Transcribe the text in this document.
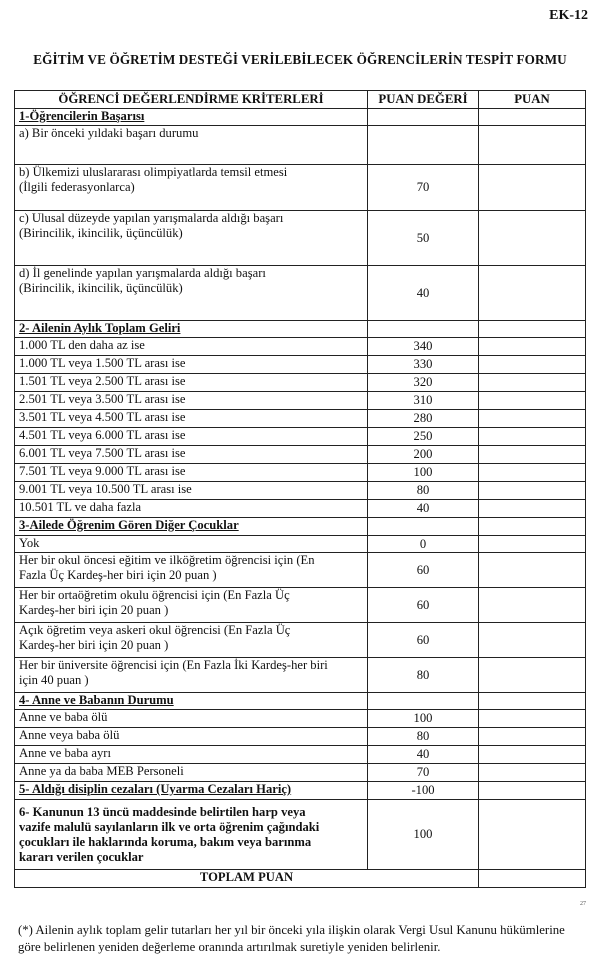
EK-12
EĞİTİM VE ÖĞRETİM DESTEĞİ VERİLEBİLECEK ÖĞRENCİLERİN TESPİT FORMU
ÖĞRENCİ DEĞERLENDİRME KRİTERLERİ	PUAN DEĞERİ	PUAN
1-Öğrencilerin Başarısı		
a) Bir önceki yıldaki başarı durumu		
b) Ülkemizi uluslararası olimpiyatlarda temsil etmesi
(İlgili federasyonlarca)	70	
c) Ulusal düzeyde yapılan yarışmalarda aldığı başarı
(Birincilik, ikincilik, üçüncülük)	50	
d) İl genelinde yapılan yarışmalarda aldığı başarı
(Birincilik, ikincilik, üçüncülük)	40	
2- Ailenin Aylık Toplam Geliri		
1.000 TL den daha az ise	340	
1.000 TL veya 1.500 TL arası ise	330	
1.501 TL veya 2.500 TL arası ise	320	
2.501 TL veya 3.500 TL arası ise	310	
3.501 TL veya 4.500 TL arası ise	280	
4.501 TL veya 6.000 TL arası ise	250	
6.001 TL veya 7.500 TL arası ise	200	
7.501 TL veya 9.000 TL arası ise	100	
9.001 TL veya 10.500 TL arası ise	80	
10.501 TL ve daha fazla	40	
3-Ailede Öğrenim Gören Diğer Çocuklar		
Yok	0	
Her bir okul öncesi eğitim ve ilköğretim öğrencisi için (En
Fazla Üç Kardeş-her biri için 20 puan )	60	
Her bir ortaöğretim okulu öğrencisi için (En Fazla Üç
Kardeş-her biri için 20 puan )	60	
Açık öğretim veya askeri okul öğrencisi (En Fazla Üç
Kardeş-her biri için 20 puan )	60	
Her bir üniversite öğrencisi için (En Fazla İki Kardeş-her biri
için 40 puan )	80	
4- Anne ve Babanın Durumu		
Anne ve baba ölü	100	
Anne veya baba ölü	80	
Anne ve baba ayrı	40	
Anne ya da baba MEB Personeli	70	
5- Aldığı disiplin cezaları (Uyarma Cezaları Hariç)	-100	
6- Kanunun 13 üncü maddesinde belirtilen harp veya
vazife malulü sayılanların ilk ve orta öğrenim çağındaki
çocukları ile haklarında koruma, bakım veya barınma
kararı verilen çocuklar	100	
TOPLAM PUAN		
27
(*) Ailenin aylık toplam gelir tutarları her yıl bir önceki yıla ilişkin olarak Vergi Usul Kanunu hükümlerine göre belirlenen yeniden değerleme oranında artırılmak suretiyle yeniden belirlenir.
